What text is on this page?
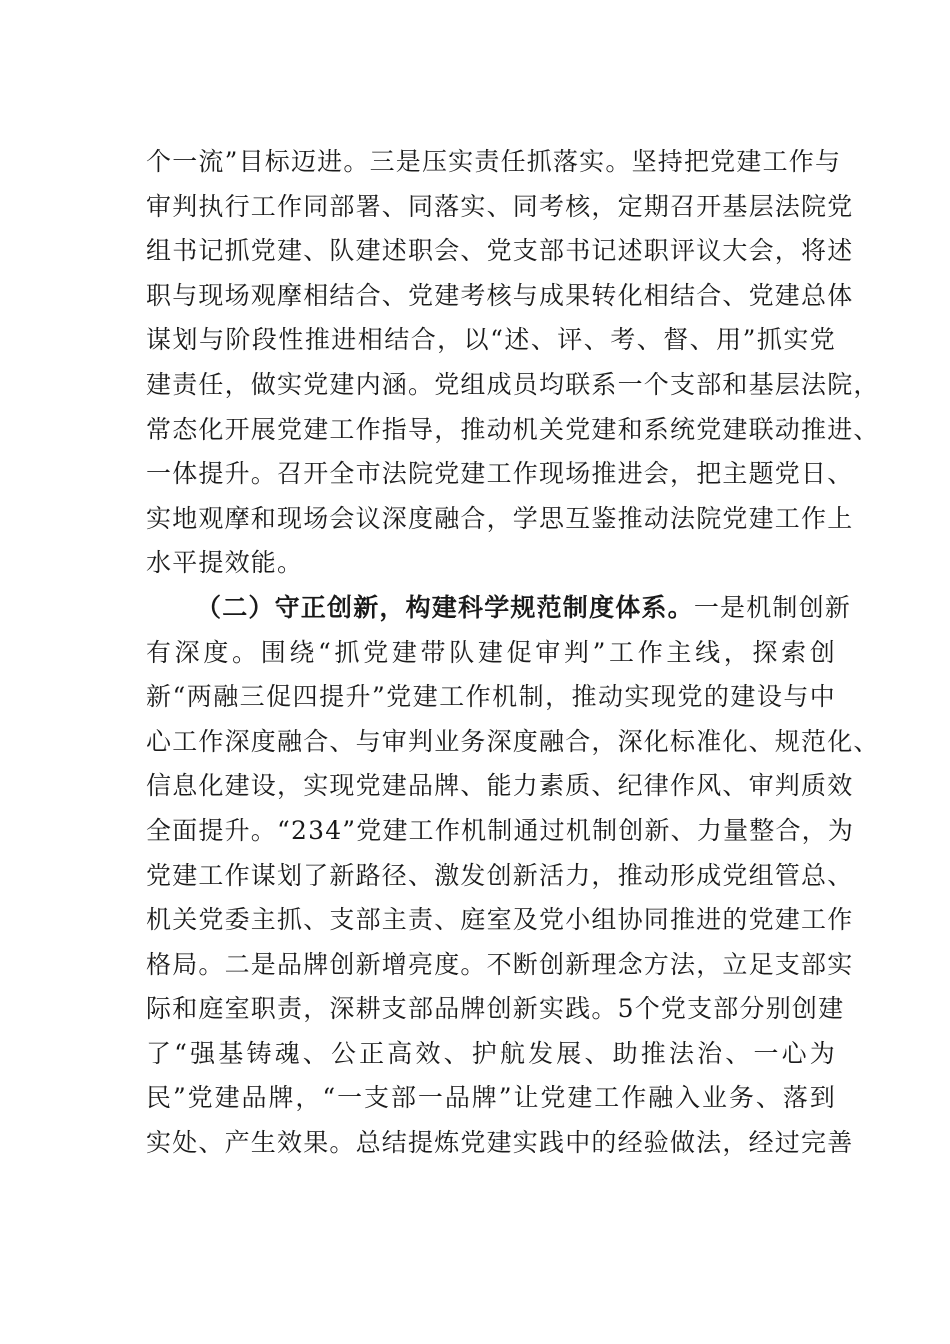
个一流”目标迈进。三是压实责任抓落实。坚持把党建工作与
审判执行工作同部署、同落实、同考核，定期召开基层法院党
组书记抓党建、队建述职会、党支部书记述职评议大会，将述
职与现场观摩相结合、党建考核与成果转化相结合、党建总体
谋划与阶段性推进相结合，以“述、评、考、督、用”抓实党
建责任，做实党建内涵。党组成员均联系一个支部和基层法院，
常态化开展党建工作指导，推动机关党建和系统党建联动推进、
一体提升。召开全市法院党建工作现场推进会，把主题党日、
实地观摩和现场会议深度融合，学思互鉴推动法院党建工作上
水平提效能。
（二）守正创新，构建科学规范制度体系。一是机制创新
有深度。围绕“抓党建带队建促审判”工作主线，探索创
新“两融三促四提升”党建工作机制，推动实现党的建设与中
心工作深度融合、与审判业务深度融合，深化标准化、规范化、
信息化建设，实现党建品牌、能力素质、纪律作风、审判质效
全面提升。“234”党建工作机制通过机制创新、力量整合，为
党建工作谋划了新路径、激发创新活力，推动形成党组管总、
机关党委主抓、支部主责、庭室及党小组协同推进的党建工作
格局。二是品牌创新增亮度。不断创新理念方法，立足支部实
际和庭室职责，深耕支部品牌创新实践。5个党支部分别创建
了“强基铸魂、公正高效、护航发展、助推法治、一心为
民”党建品牌，“一支部一品牌”让党建工作融入业务、落到
实处、产生效果。总结提炼党建实践中的经验做法，经过完善
